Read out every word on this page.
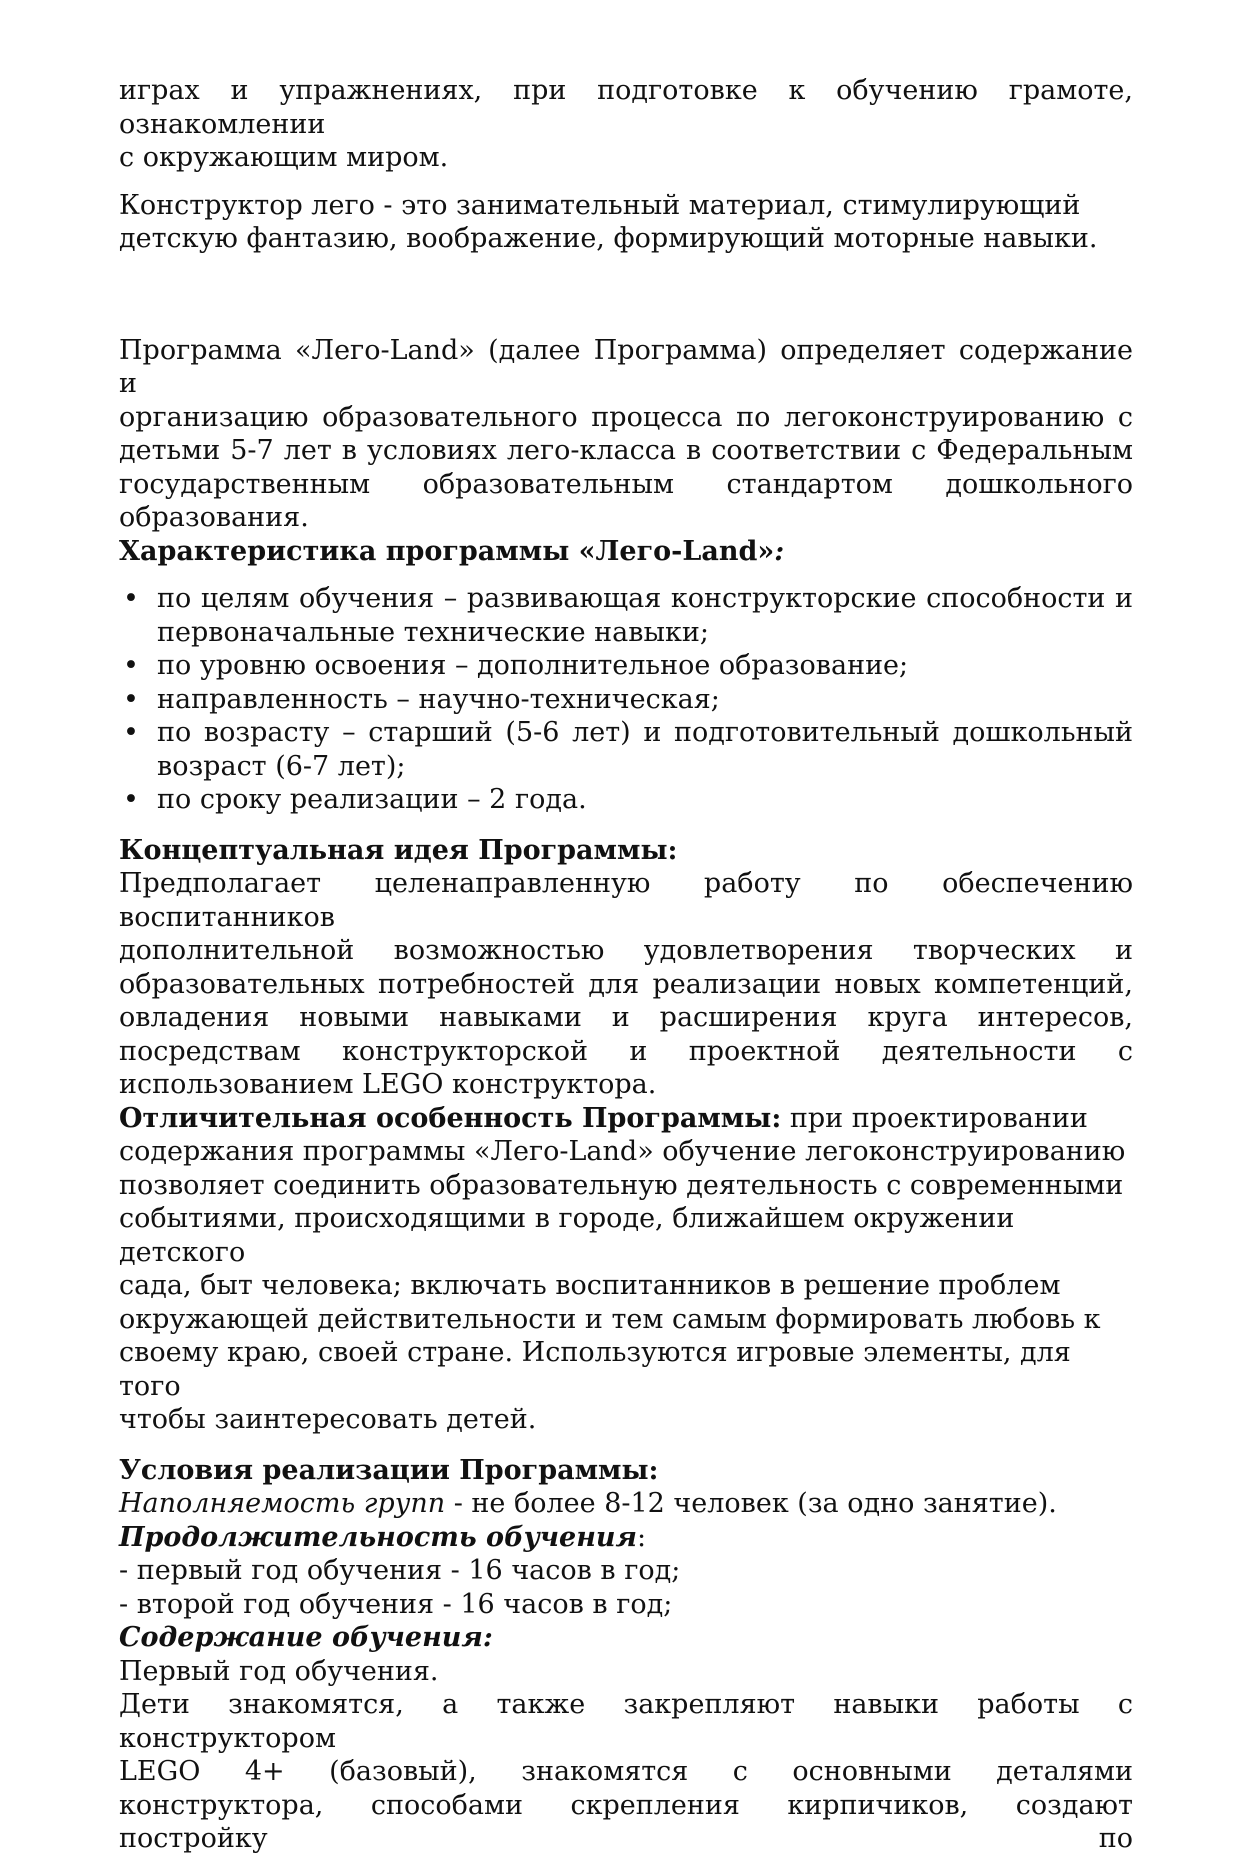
играх и упражнениях, при подготовке к обучению грамоте, ознакомлении

с окружающим миром.

Конструктор лего - это занимательный материал, стимулирующий

детскую фантазию, воображение, формирующий моторные навыки.

Программа «Лего-Land» (далее Программа) определяет содержание и

организацию образовательного процесса по легоконструированию с

детьми 5-7 лет в условиях лего-класса в соответствии с Федеральным

государственным образовательным стандартом дошкольного

образования.

Характеристика программы «Лего-Land»:

• по целям обучения – развивающая конструкторские способности и

первоначальные технические навыки;

• по уровню освоения – дополнительное образование;

• направленность – научно-техническая;

• по возрасту – старший (5-6 лет) и подготовительный дошкольный

возраст (6-7 лет);

• по сроку реализации – 2 года.

Концептуальная идея Программы:

Предполагает целенаправленную работу по обеспечению воспитанников

дополнительной возможностью удовлетворения творческих и

образовательных потребностей для реализации новых компетенций,

овладения новыми навыками и расширения круга интересов,

посредствам конструкторской и проектной деятельности с

использованием LEGO конструктора.

Отличительная особенность Программы: при проектировании

содержания программы «Лего-Land» обучение легоконструированию

позволяет соединить образовательную деятельность с современными

событиями, происходящими в городе, ближайшем окружении детского

сада, быт человека; включать воспитанников в решение проблем

окружающей действительности и тем самым формировать любовь к

своему краю, своей стране. Используются игровые элементы, для того

чтобы заинтересовать детей.

Условия реализации Программы:

Наполняемость групп - не более 8-12 человек (за одно занятие).

Продолжительность обучения:

- первый год обучения - 16 часов в год;

- второй год обучения - 16 часов в год;

Содержание обучения:

Первый год обучения.

Дети знакомятся, а также закрепляют навыки работы с конструктором

LEGO 4+ (базовый), знакомятся с основными деталями

конструктора, способами скрепления кирпичиков, создают постройку по
